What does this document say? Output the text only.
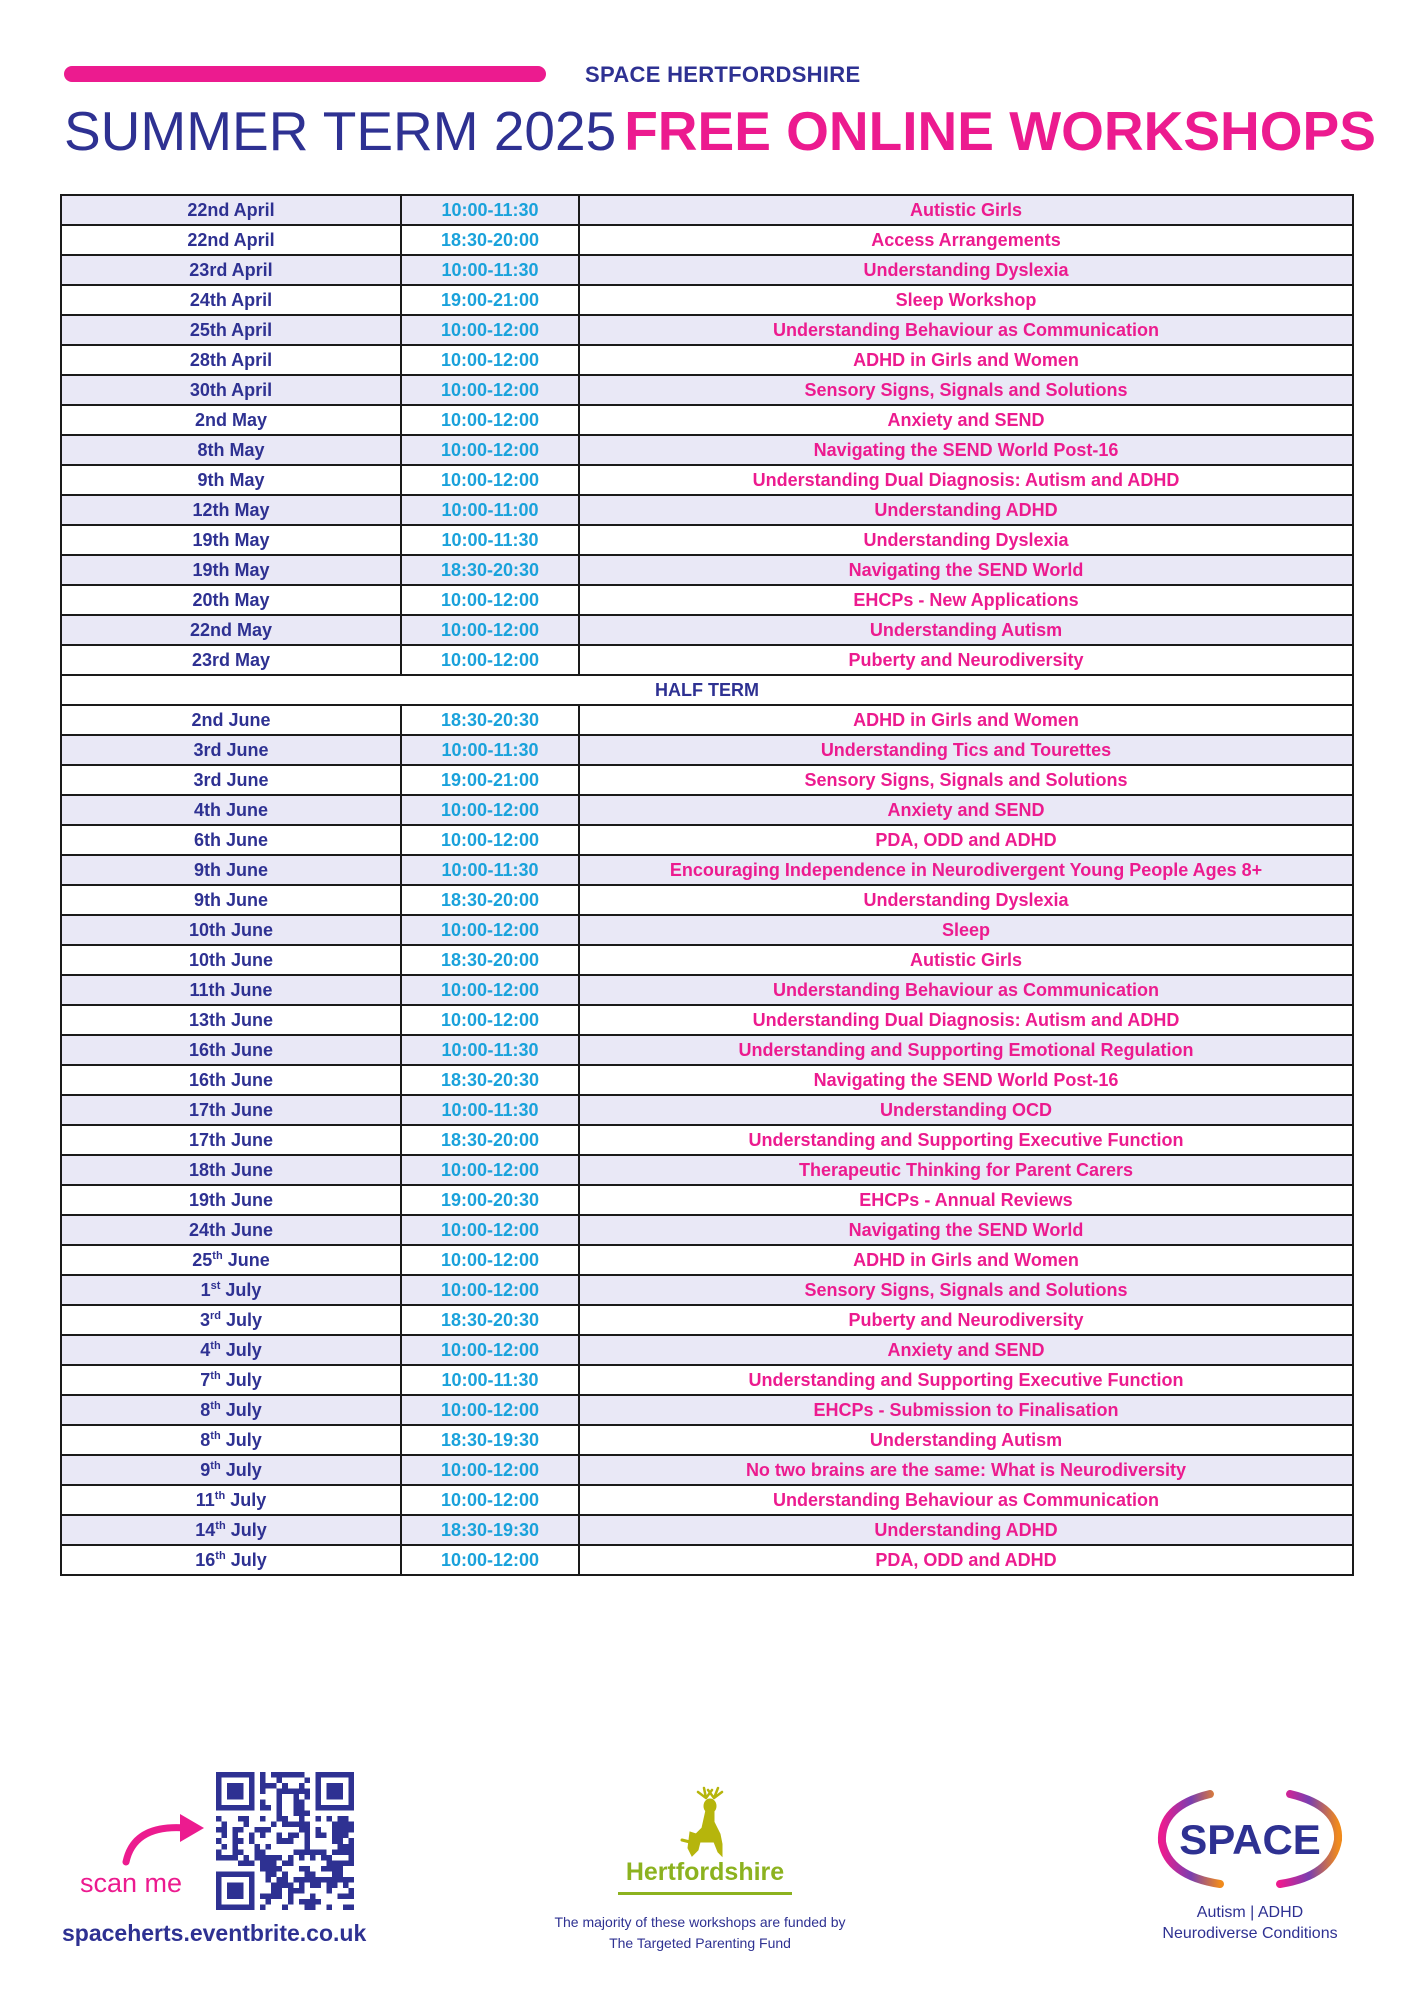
SPACE HERTFORDSHIRE
SUMMER TERM 2025 FREE ONLINE WORKSHOPS
22nd April	10:00-11:30	Autistic Girls
22nd April	18:30-20:00	Access Arrangements
23rd April	10:00-11:30	Understanding Dyslexia
24th April	19:00-21:00	Sleep Workshop
25th April	10:00-12:00	Understanding Behaviour as Communication
28th April	10:00-12:00	ADHD in Girls and Women
30th April	10:00-12:00	Sensory Signs, Signals and Solutions
2nd May	10:00-12:00	Anxiety and SEND
8th May	10:00-12:00	Navigating the SEND World Post-16
9th May	10:00-12:00	Understanding Dual Diagnosis: Autism and ADHD
12th May	10:00-11:00	Understanding ADHD
19th May	10:00-11:30	Understanding Dyslexia
19th May	18:30-20:30	Navigating the SEND World
20th May	10:00-12:00	EHCPs - New Applications
22nd May	10:00-12:00	Understanding Autism
23rd May	10:00-12:00	Puberty and Neurodiversity
HALF TERM		
2nd June	18:30-20:30	ADHD in Girls and Women
3rd June	10:00-11:30	Understanding Tics and Tourettes
3rd June	19:00-21:00	Sensory Signs, Signals and Solutions
4th June	10:00-12:00	Anxiety and SEND
6th June	10:00-12:00	PDA, ODD and ADHD
9th June	10:00-11:30	Encouraging Independence in Neurodivergent Young People Ages 8+
9th June	18:30-20:00	Understanding Dyslexia
10th June	10:00-12:00	Sleep
10th June	18:30-20:00	Autistic Girls
11th June	10:00-12:00	Understanding Behaviour as Communication
13th June	10:00-12:00	Understanding Dual Diagnosis: Autism and ADHD
16th June	10:00-11:30	Understanding and Supporting Emotional Regulation
16th June	18:30-20:30	Navigating the SEND World Post-16
17th June	10:00-11:30	Understanding OCD
17th June	18:30-20:00	Understanding and Supporting Executive Function
18th June	10:00-12:00	Therapeutic Thinking for Parent Carers
19th June	19:00-20:30	EHCPs - Annual Reviews
24th June	10:00-12:00	Navigating the SEND World
25th June	10:00-12:00	ADHD in Girls and Women
1st July	10:00-12:00	Sensory Signs, Signals and Solutions
3rd July	18:30-20:30	Puberty and Neurodiversity
4th July	10:00-12:00	Anxiety and SEND
7th July	10:00-11:30	Understanding and Supporting Executive Function
8th July	10:00-12:00	EHCPs - Submission to Finalisation
8th July	18:30-19:30	Understanding Autism
9th July	10:00-12:00	No two brains are the same: What is Neurodiversity
11th July	10:00-12:00	Understanding Behaviour as Communication
14th July	18:30-19:30	Understanding ADHD
16th July	10:00-12:00	PDA, ODD and ADHD
scan me
spaceherts.eventbrite.co.uk
Hertfordshire
The majority of these workshops are funded by
The Targeted Parenting Fund
SPACE
Autism | ADHD
Neurodiverse Conditions
